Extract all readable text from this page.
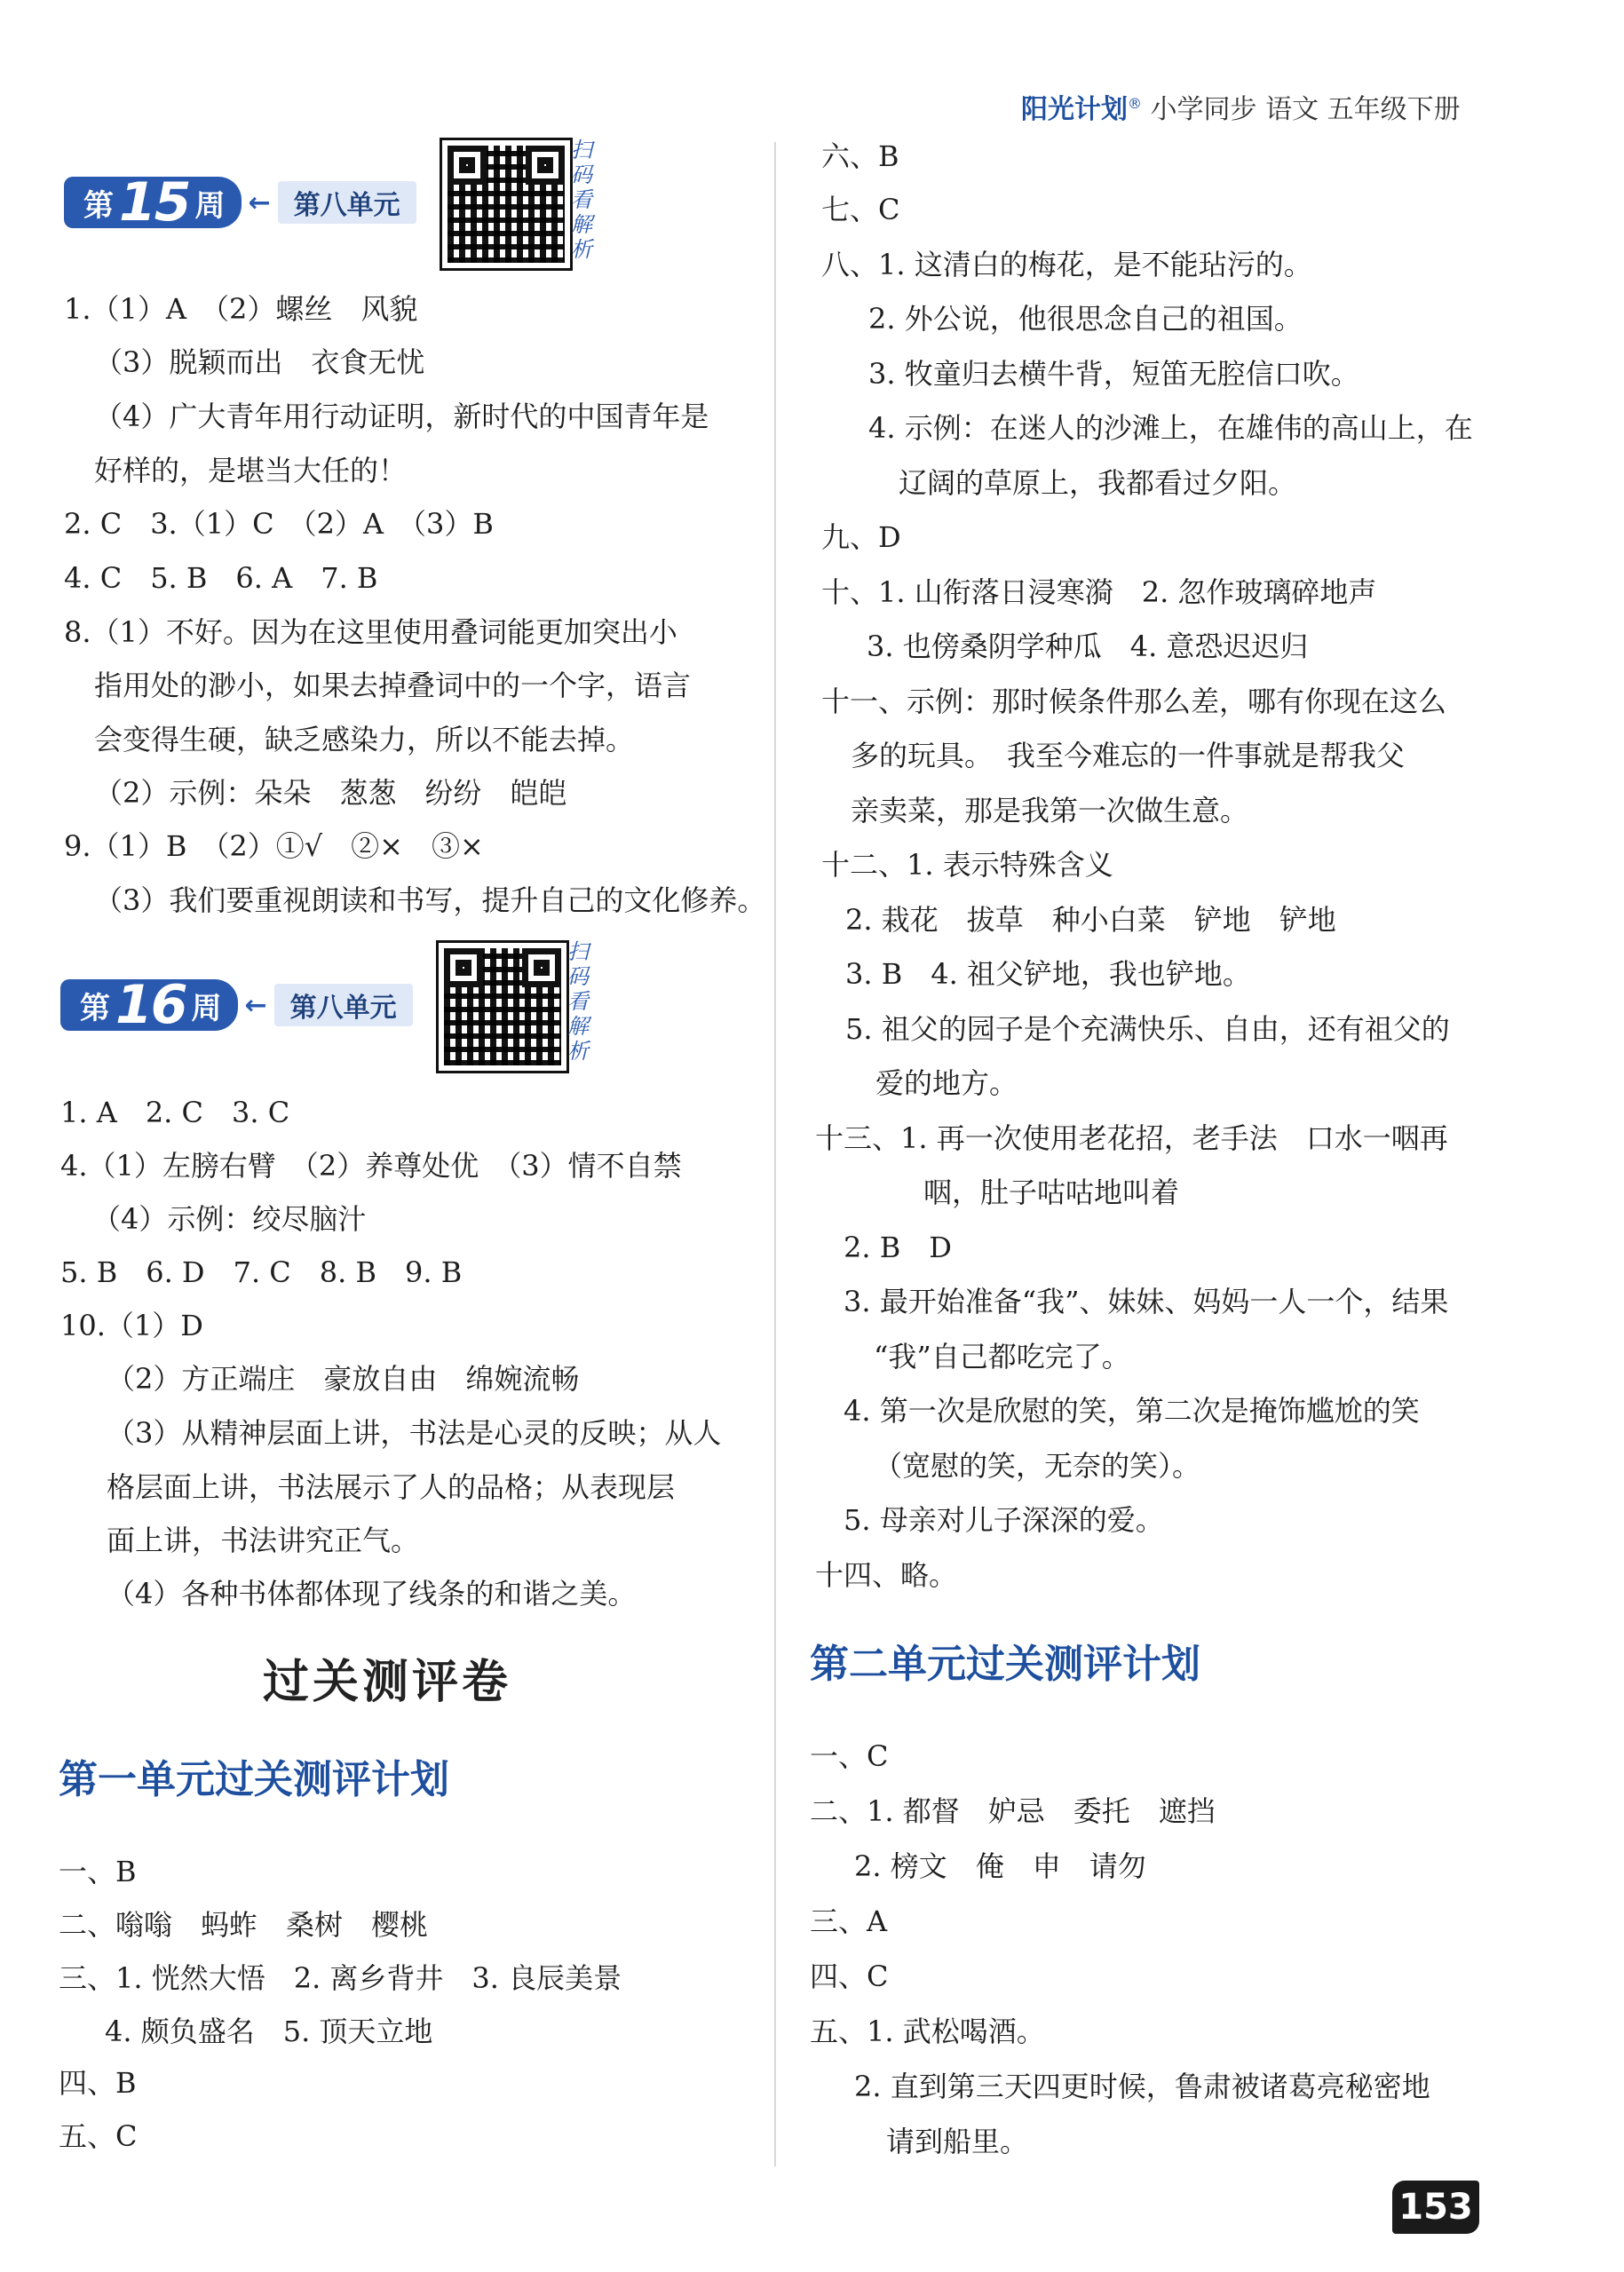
阳光计划® 小学同步 语文 五年级下册
第 15 周 ← 第八单元
扫
码
看
解
析
1.（1）A　（2）螺丝　风貌
（3）脱颖而出　衣食无忧
（4）广大青年用行动证明，新时代的中国青年是
好样的，是堪当大任的！
2. C　3.（1）C　（2）A　（3）B
4. C　5. B　6. A　7. B
8.（1）不好。因为在这里使用叠词能更加突出小
指用处的渺小，如果去掉叠词中的一个字，语言
会变得生硬，缺乏感染力，所以不能去掉。
（2）示例：朵朵　葱葱　纷纷　皑皑
9.（1）B　（2）①√　②×　③×
（3）我们要重视朗读和书写，提升自己的文化修养。
第 16 周 ← 第八单元
扫
码
看
解
析
1. A　2. C　3. C
4.（1）左膀右臂　（2）养尊处优　（3）情不自禁
（4）示例：绞尽脑汁
5. B　6. D　7. C　8. B　9. B
10.（1）D
（2）方正端庄　豪放自由　绵婉流畅
（3）从精神层面上讲，书法是心灵的反映；从人
格层面上讲，书法展示了人的品格；从表现层
面上讲，书法讲究正气。
（4）各种书体都体现了线条的和谐之美。
过关测评卷
第一单元过关测评计划
一、B
二、嗡嗡　蚂蚱　桑树　樱桃
三、1. 恍然大悟　2. 离乡背井　3. 良辰美景
4. 颇负盛名　5. 顶天立地
四、B
五、C
六、B
七、C
八、1. 这清白的梅花，是不能玷污的。
2. 外公说，他很思念自己的祖国。
3. 牧童归去横牛背，短笛无腔信口吹。
4. 示例：在迷人的沙滩上，在雄伟的高山上，在
辽阔的草原上，我都看过夕阳。
九、D
十、1. 山衔落日浸寒漪　2. 忽作玻璃碎地声
3. 也傍桑阴学种瓜　4. 意恐迟迟归
十一、示例：那时候条件那么差，哪有你现在这么
多的玩具。　我至今难忘的一件事就是帮我父
亲卖菜，那是我第一次做生意。
十二、1. 表示特殊含义
2. 栽花　拔草　种小白菜　铲地　铲地
3. B　4. 祖父铲地，我也铲地。
5. 祖父的园子是个充满快乐、自由，还有祖父的
爱的地方。
十三、1. 再一次使用老花招，老手法　口水一咽再
咽，肚子咕咕地叫着
2. B　D
3. 最开始准备“我”、妹妹、妈妈一人一个，结果
“我”自己都吃完了。
4. 第一次是欣慰的笑，第二次是掩饰尴尬的笑
（宽慰的笑，无奈的笑）。
5. 母亲对儿子深深的爱。
十四、略。
第二单元过关测评计划
一、C
二、1. 都督　妒忌　委托　遮挡
2. 榜文　俺　申　请勿
三、A
四、C
五、1. 武松喝酒。
2. 直到第三天四更时候，鲁肃被诸葛亮秘密地
请到船里。
153
